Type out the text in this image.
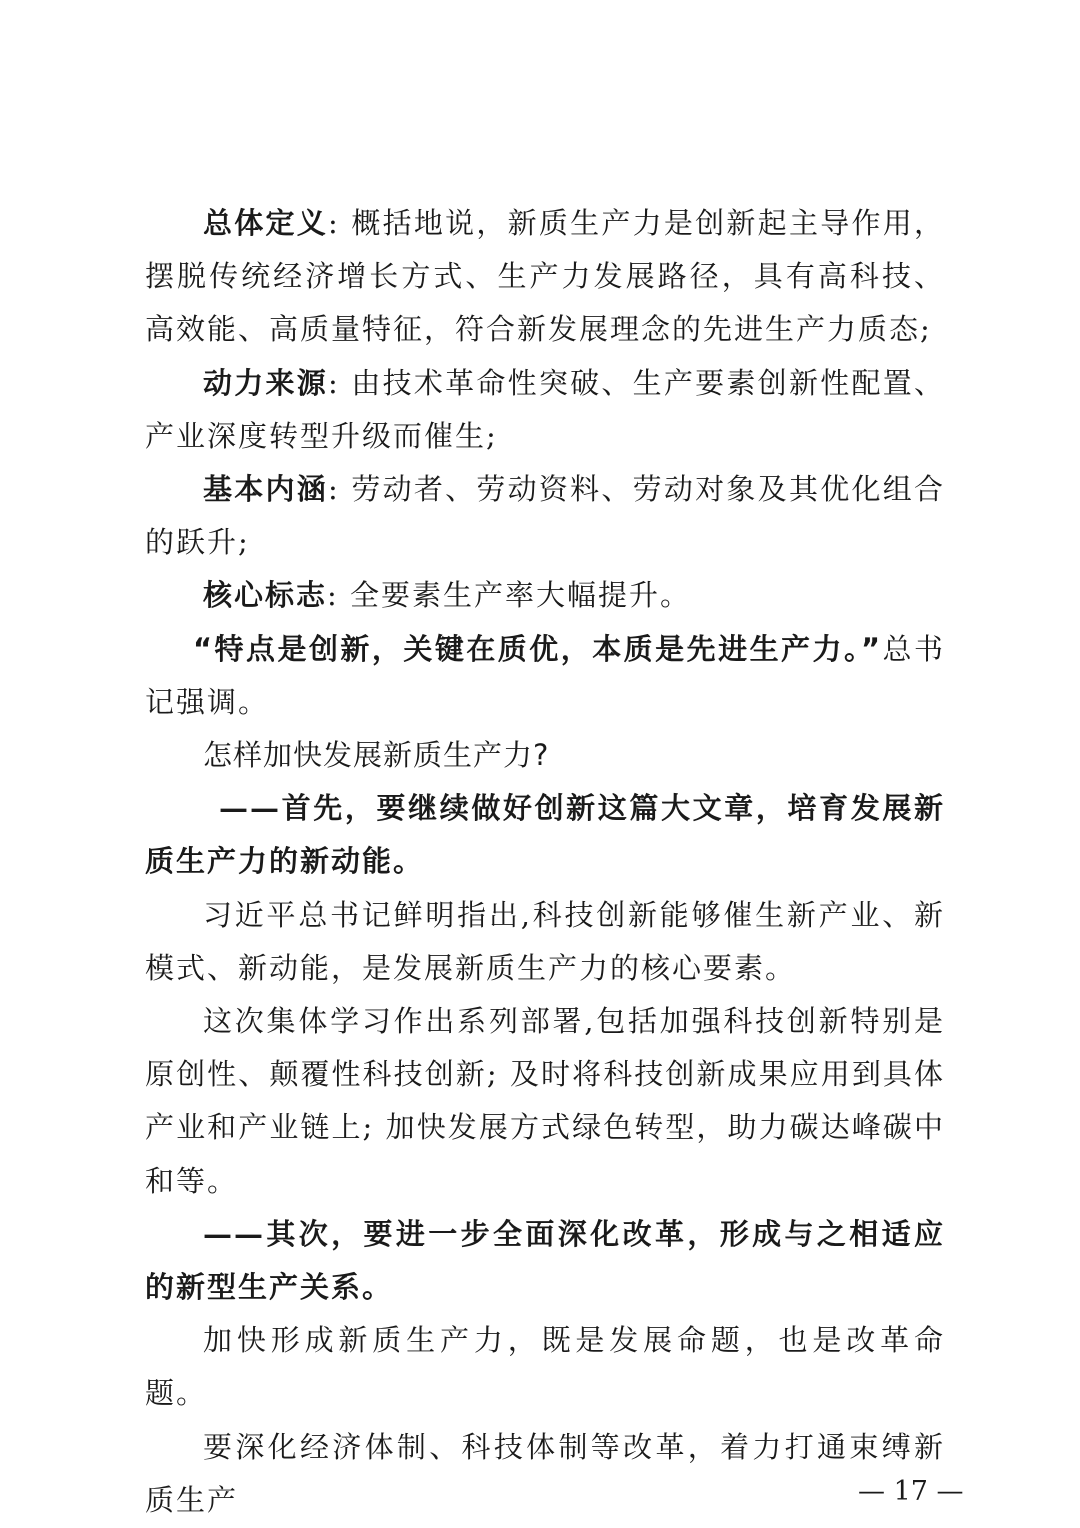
总体定义: 概括地说，新质生产力是创新起主导作用，摆脱传统经济增长方式、生产力发展路径，具有高科技、高效能、高质量特征，符合新发展理念的先进生产力质态;

动力来源: 由技术革命性突破、生产要素创新性配置、产业深度转型升级而催生;

基本内涵: 劳动者、劳动资料、劳动对象及其优化组合的跃升;

核心标志: 全要素生产率大幅提升。

“特点是创新，关键在质优，本质是先进生产力。”总书记强调。

怎样加快发展新质生产力?

——首先，要继续做好创新这篇大文章，培育发展新质生产力的新动能。

习近平总书记鲜明指出,科技创新能够催生新产业、新模式、新动能，是发展新质生产力的核心要素。

这次集体学习作出系列部署,包括加强科技创新特别是原创性、颠覆性科技创新; 及时将科技创新成果应用到具体产业和产业链上; 加快发展方式绿色转型，助力碳达峰碳中和等。

——其次，要进一步全面深化改革，形成与之相适应的新型生产关系。

加快形成新质生产力，既是发展命题，也是改革命题。

要深化经济体制、科技体制等改革，着力打通束缚新质生产	— 17 —
